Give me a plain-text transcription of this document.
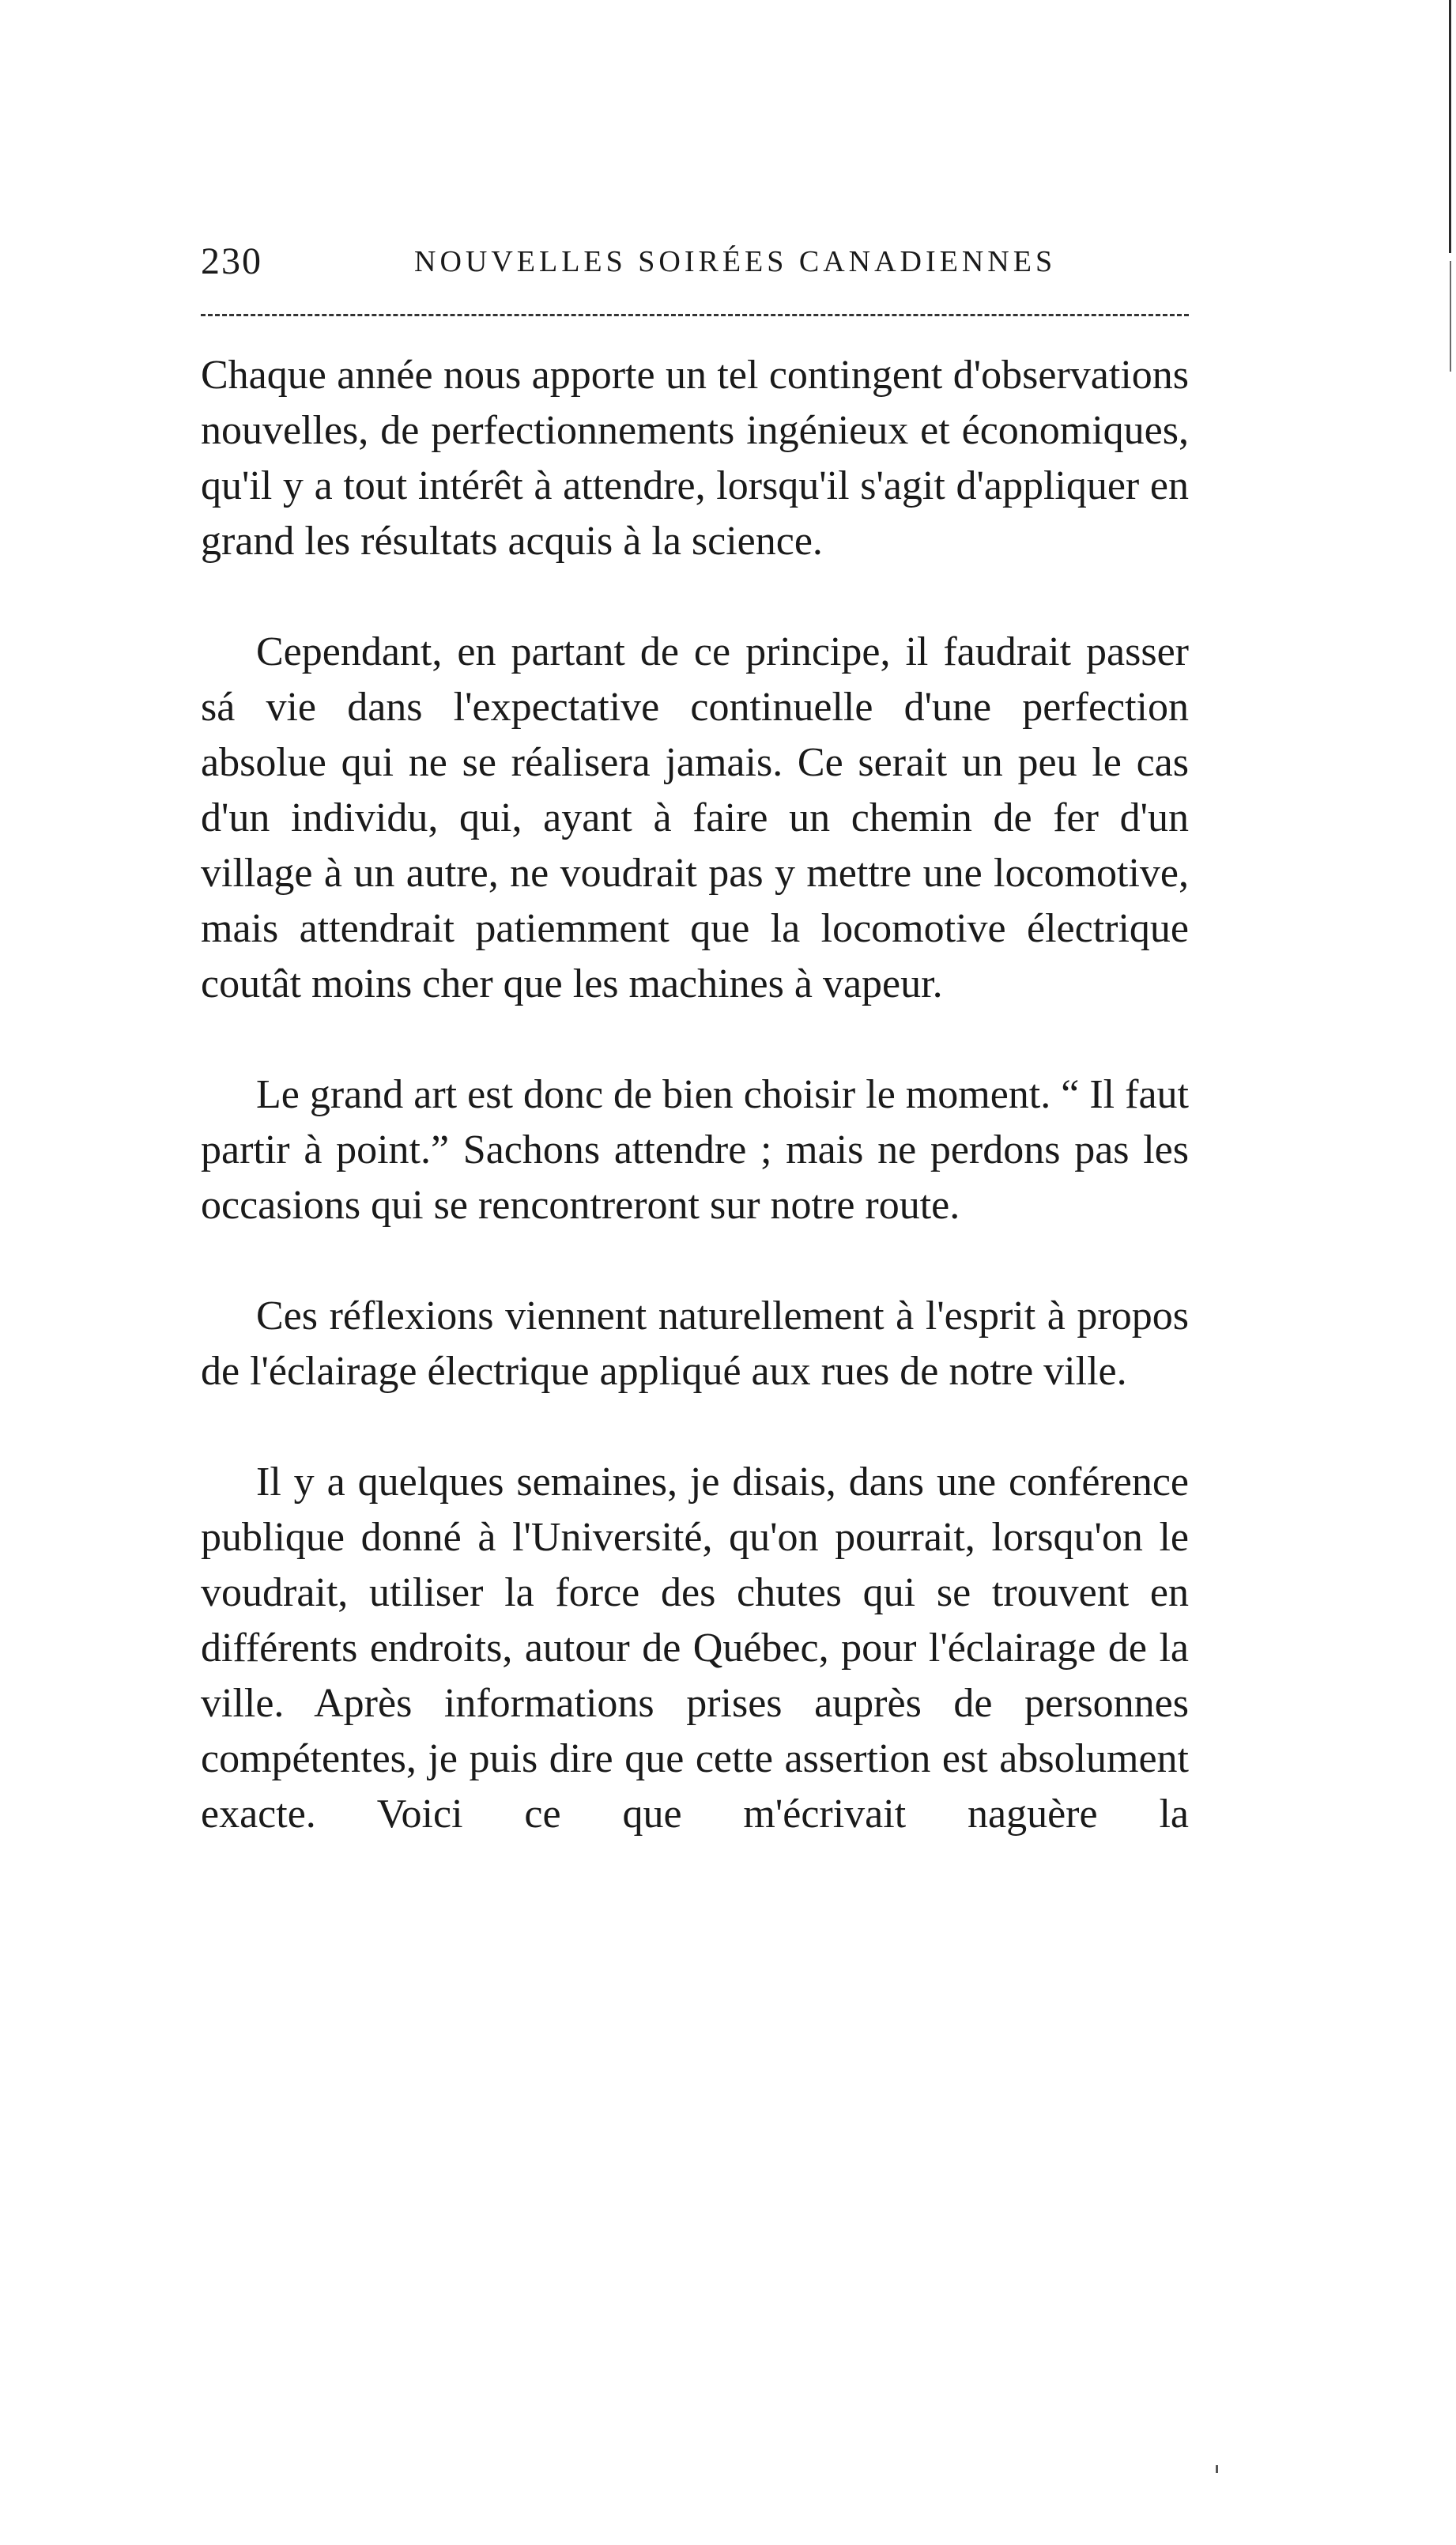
230	NOUVELLES SOIRÉES CANADIENNES

Chaque année nous apporte un tel contingent d'observations nouvelles, de perfectionnements ingénieux et économiques, qu'il y a tout intérêt à attendre, lorsqu'il s'agit d'appliquer en grand les résultats acquis à la science.

Cependant, en partant de ce principe, il faudrait passer sá vie dans l'expectative continuelle d'une perfection absolue qui ne se réalisera jamais. Ce serait un peu le cas d'un individu, qui, ayant à faire un chemin de fer d'un village à un autre, ne voudrait pas y mettre une locomotive, mais attendrait patiemment que la locomotive électrique coutât moins cher que les machines à vapeur.

Le grand art est donc de bien choisir le moment. “ Il faut partir à point.” Sachons attendre ; mais ne perdons pas les occasions qui se rencontreront sur notre route.

Ces réflexions viennent naturellement à l'esprit à propos de l'éclairage électrique appliqué aux rues de notre ville.

Il y a quelques semaines, je disais, dans une conférence publique donné à l'Université, qu'on pourrait, lorsqu'on le voudrait, utiliser la force des chutes qui se trouvent en différents endroits, autour de Québec, pour l'éclairage de la ville. Après informations prises auprès de personnes compétentes, je puis dire que cette assertion est absolument exacte. Voici ce que m'écrivait naguère la
